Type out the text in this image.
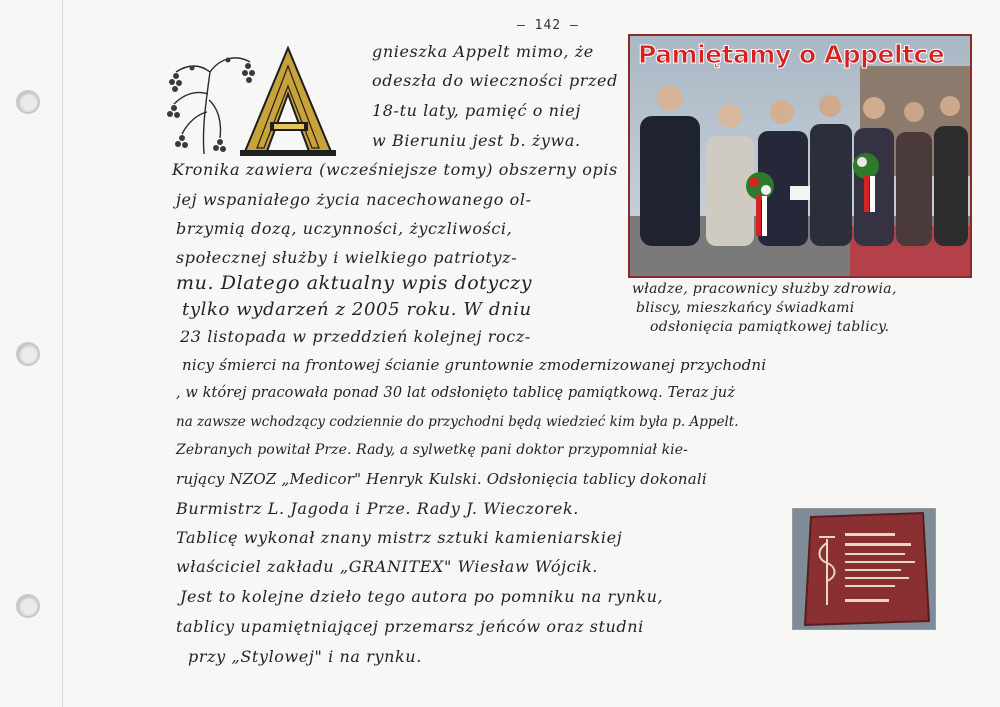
— 142 —
gnieszka Appelt mimo, że
odeszła do wieczności przed
18-tu laty, pamięć o niej
w Bieruniu jest b. żywa.
Kronika zawiera (wcześniejsze tomy) obszerny opis
jej wspaniałego życia nacechowanego ol-
brzymią dozą, uczynności, życzliwości,
społecznej służby i wielkiego patriotyz-
mu. Dlatego aktualny wpis dotyczy
tylko wydarzeń z 2005 roku. W dniu
23 listopada w przeddzień kolejnej rocz-
nicy śmierci na frontowej ścianie gruntownie zmodernizowanej przychodni
, w której pracowała ponad 30 lat odsłonięto tablicę pamiątkową. Teraz już
na zawsze wchodzący codziennie do przychodni będą wiedzieć kim była p. Appelt.
Zebranych powitał Prze. Rady, a sylwetkę pani doktor przypomniał kie-
rujący NZOZ „Medicor" Henryk Kulski. Odsłonięcia tablicy dokonali
Burmistrz L. Jagoda i Prze. Rady J. Wieczorek.
Tablicę wykonał znany mistrz sztuki kamieniarskiej
właściciel zakładu „GRANITEX" Wiesław Wójcik.
Jest to kolejne dzieło tego autora po pomniku na rynku,
tablicy upamiętniającej przemarsz jeńców oraz studni
przy „Stylowej" i na rynku.
Pamiętamy o Appeltce
władze, pracownicy służby zdrowia,
bliscy, mieszkańcy świadkami
odsłonięcia pamiątkowej tablicy.
